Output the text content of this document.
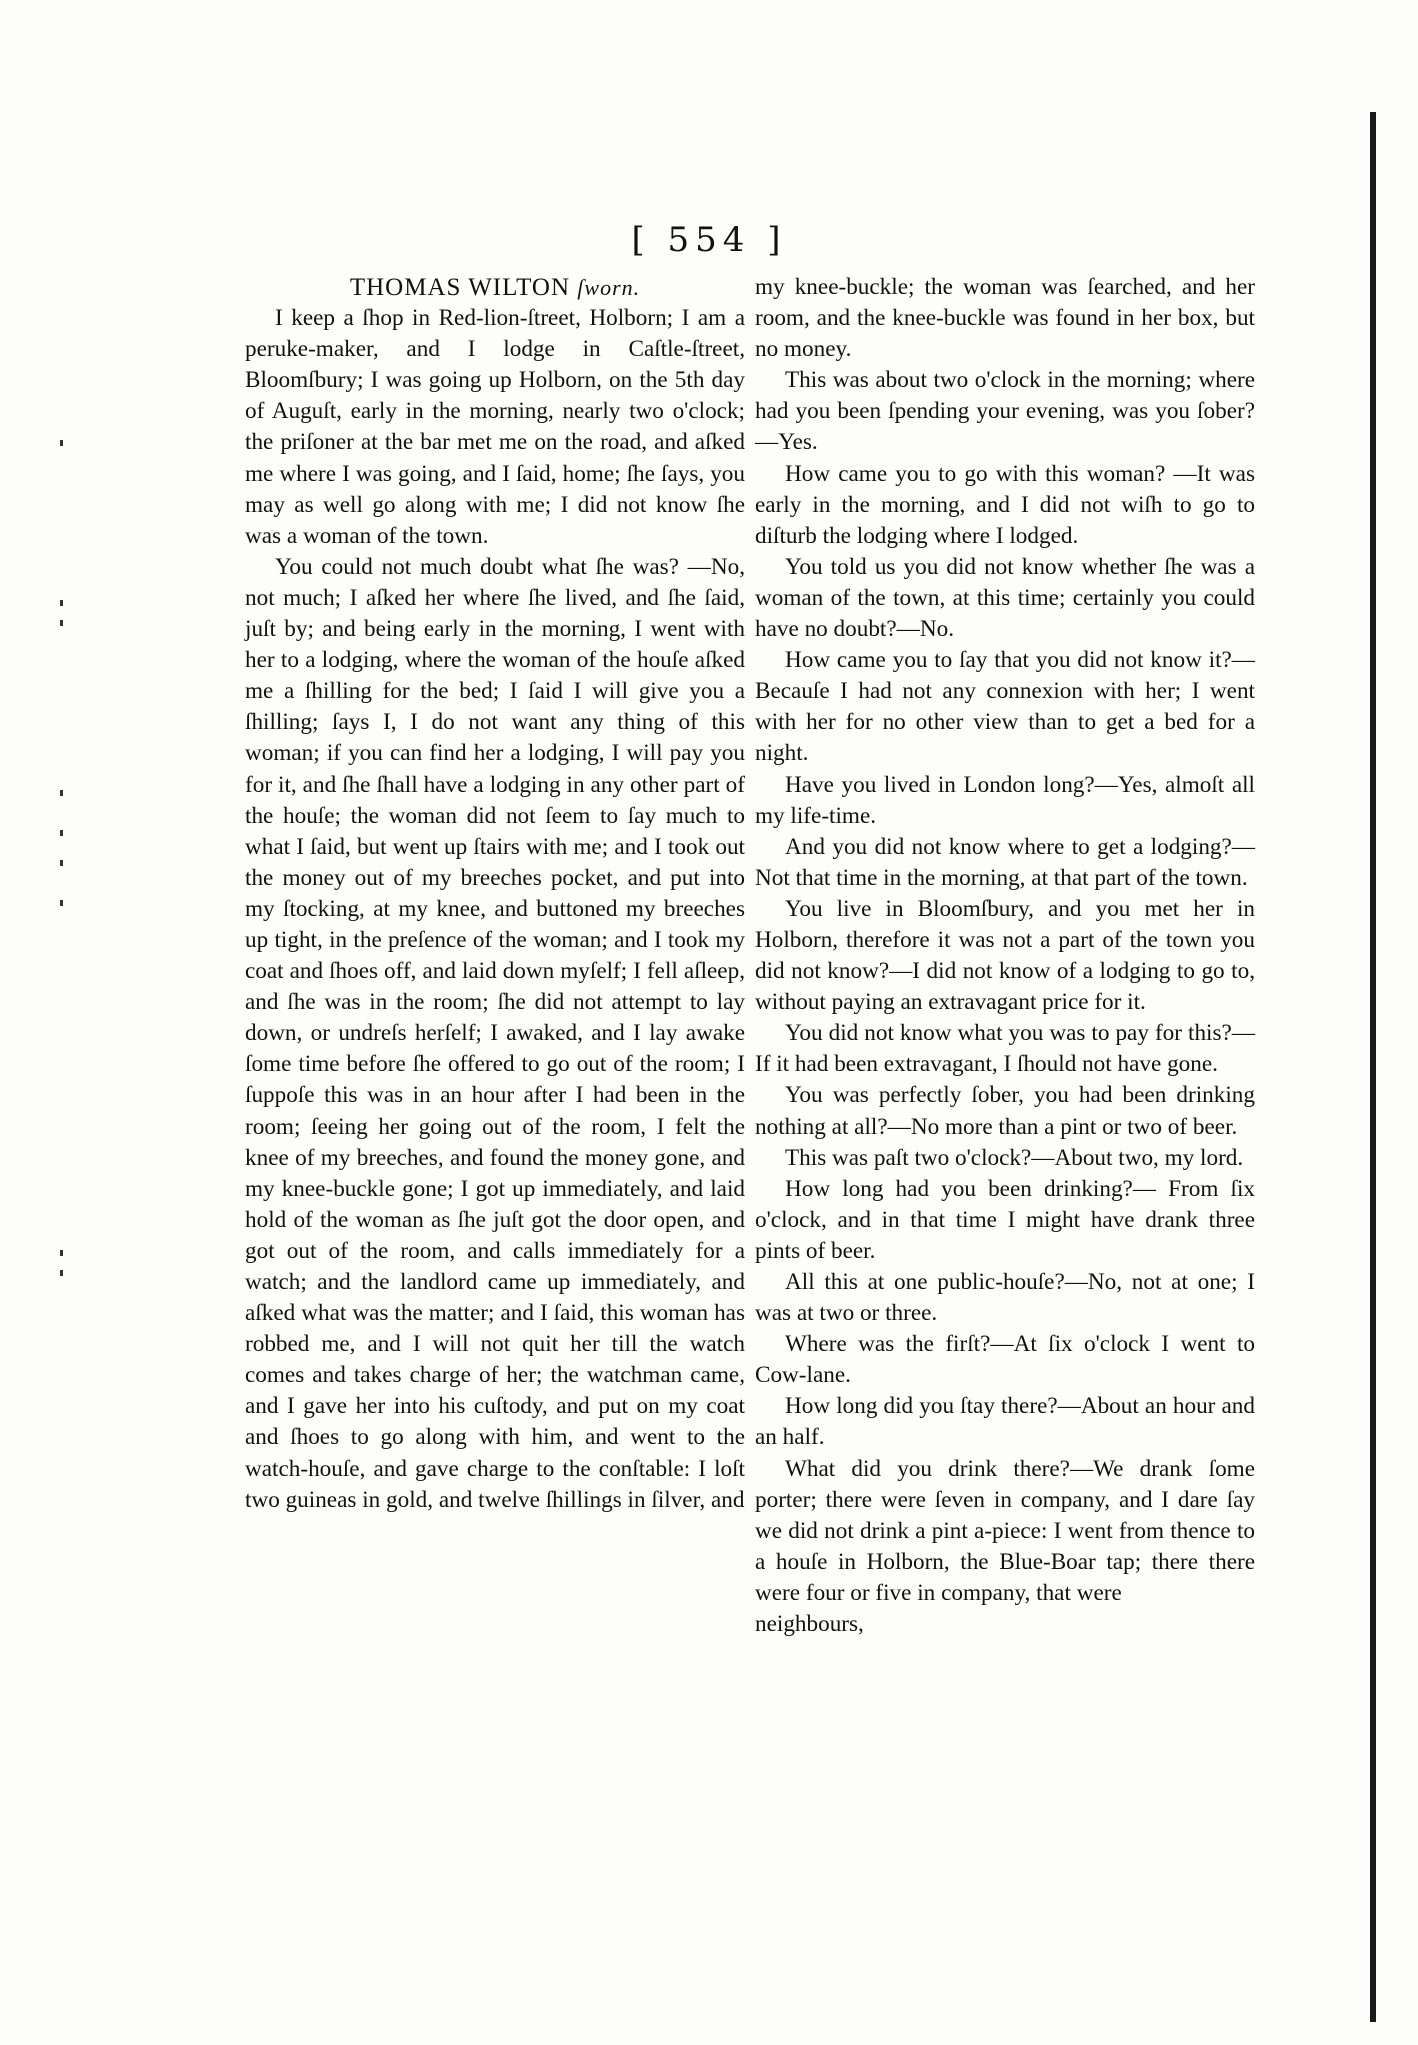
[ 554 ]

THOMAS WILTON ſworn.

I keep a ſhop in Red-lion-ſtreet, Holborn; I am a peruke-maker, and I lodge in Caſtle-ſtreet, Bloomſbury; I was going up Holborn, on the 5th day of Auguſt, early in the morning, nearly two o'clock; the priſoner at the bar met me on the road, and aſked me where I was going, and I ſaid, home; ſhe ſays, you may as well go along with me; I did not know ſhe was a woman of the town.

You could not much doubt what ſhe was? —No, not much; I aſked her where ſhe lived, and ſhe ſaid, juſt by; and being early in the morning, I went with her to a lodging, where the woman of the houſe aſked me a ſhilling for the bed; I ſaid I will give you a ſhilling; ſays I, I do not want any thing of this woman; if you can find her a lodging, I will pay you for it, and ſhe ſhall have a lodging in any other part of the houſe; the woman did not ſeem to ſay much to what I ſaid, but went up ſtairs with me; and I took out the money out of my breeches pocket, and put into my ſtocking, at my knee, and buttoned my breeches up tight, in the preſence of the woman; and I took my coat and ſhoes off, and laid down myſelf; I fell aſleep, and ſhe was in the room; ſhe did not attempt to lay down, or undreſs herſelf; I awaked, and I lay awake ſome time before ſhe offered to go out of the room; I ſuppoſe this was in an hour after I had been in the room; ſeeing her going out of the room, I felt the knee of my breeches, and found the money gone, and my knee-buckle gone; I got up immediately, and laid hold of the woman as ſhe juſt got the door open, and got out of the room, and calls immediately for a watch; and the landlord came up immediately, and aſked what was the matter; and I ſaid, this woman has robbed me, and I will not quit her till the watch comes and takes charge of her; the watchman came, and I gave her into his cuſtody, and put on my coat and ſhoes to go along with him, and went to the watch-houſe, and gave charge to the conſtable: I loſt two guineas in gold, and twelve ſhillings in ſilver, and

my knee-buckle; the woman was ſearched, and her room, and the knee-buckle was found in her box, but no money.

This was about two o'clock in the morning; where had you been ſpending your evening, was you ſober?—Yes.

How came you to go with this woman? —It was early in the morning, and I did not wiſh to go to diſturb the lodging where I lodged.

You told us you did not know whether ſhe was a woman of the town, at this time; certainly you could have no doubt?—No.

How came you to ſay that you did not know it?—Becauſe I had not any connexion with her; I went with her for no other view than to get a bed for a night.

Have you lived in London long?—Yes, almoſt all my life-time.

And you did not know where to get a lodging?—Not that time in the morning, at that part of the town.

You live in Bloomſbury, and you met her in Holborn, therefore it was not a part of the town you did not know?—I did not know of a lodging to go to, without paying an extravagant price for it.

You did not know what you was to pay for this?—If it had been extravagant, I ſhould not have gone.

You was perfectly ſober, you had been drinking nothing at all?—No more than a pint or two of beer.

This was paſt two o'clock?—About two, my lord.

How long had you been drinking?— From ſix o'clock, and in that time I might have drank three pints of beer.

All this at one public-houſe?—No, not at one; I was at two or three.

Where was the firſt?—At ſix o'clock I went to Cow-lane.

How long did you ſtay there?—About an hour and an half.

What did you drink there?—We drank ſome porter; there were ſeven in company, and I dare ſay we did not drink a pint a-piece: I went from thence to a houſe in Holborn, the Blue-Boar tap; there there were four or five in company, that were

neighbours,
